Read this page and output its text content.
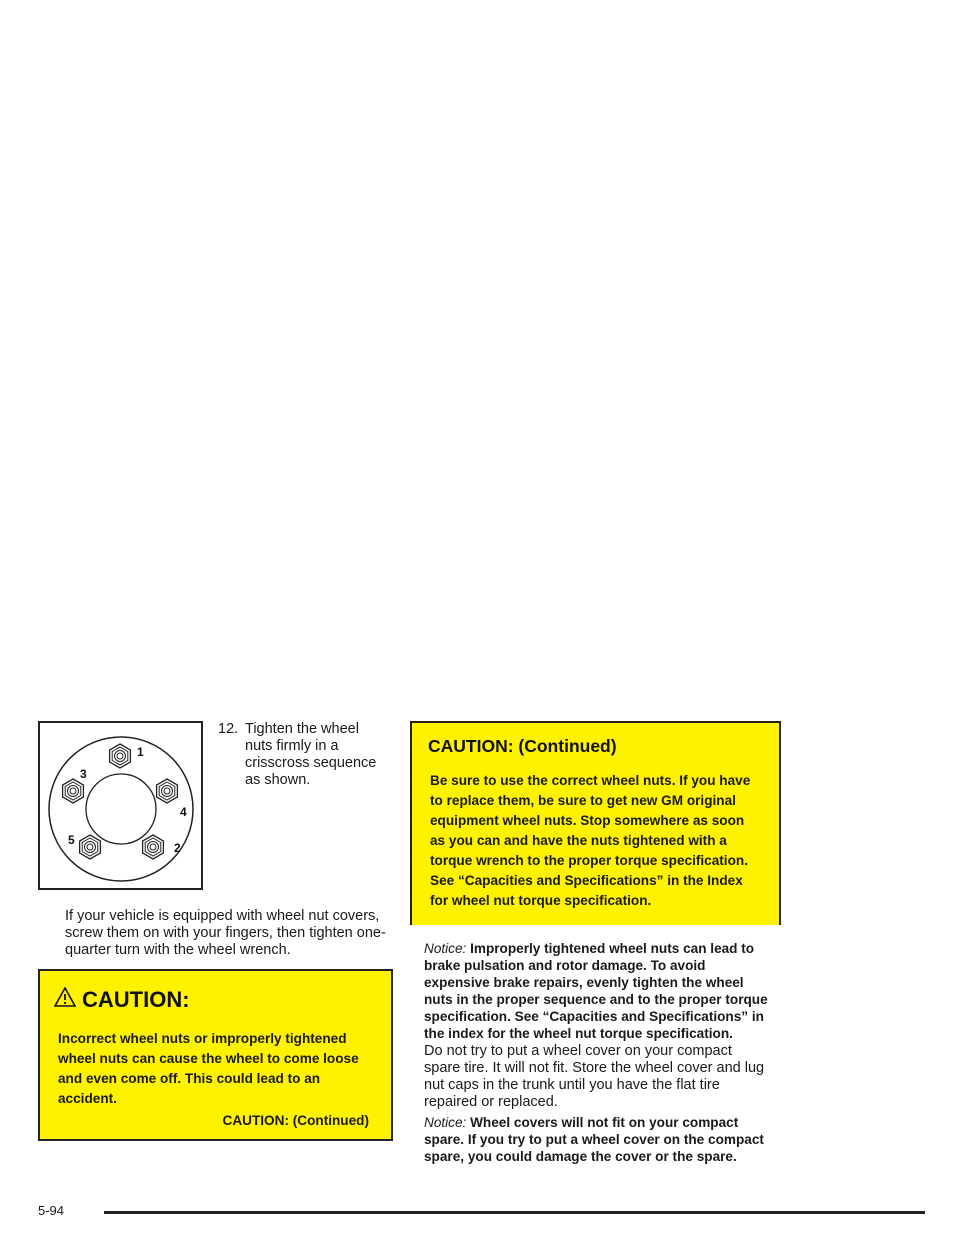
1
2
3
4
5
12. Tighten the wheel nuts firmly in a crisscross sequence as shown.
If your vehicle is equipped with wheel nut covers, screw them on with your fingers, then tighten one-quarter turn with the wheel wrench.
CAUTION:
Incorrect wheel nuts or improperly tightened wheel nuts can cause the wheel to come loose and even come off. This could lead to an accident.
CAUTION: (Continued)
CAUTION: (Continued)
Be sure to use the correct wheel nuts. If you have to replace them, be sure to get new GM original equipment wheel nuts. Stop somewhere as soon as you can and have the nuts tightened with a torque wrench to the proper torque specification. See “Capacities and Specifications” in the Index for wheel nut torque specification.
Notice: Improperly tightened wheel nuts can lead to brake pulsation and rotor damage. To avoid expensive brake repairs, evenly tighten the wheel nuts in the proper sequence and to the proper torque specification. See “Capacities and Specifications” in the index for the wheel nut torque specification.
Do not try to put a wheel cover on your compact spare tire. It will not fit. Store the wheel cover and lug nut caps in the trunk until you have the flat tire repaired or replaced.
Notice: Wheel covers will not fit on your compact spare. If you try to put a wheel cover on the compact spare, you could damage the cover or the spare.
5-94
